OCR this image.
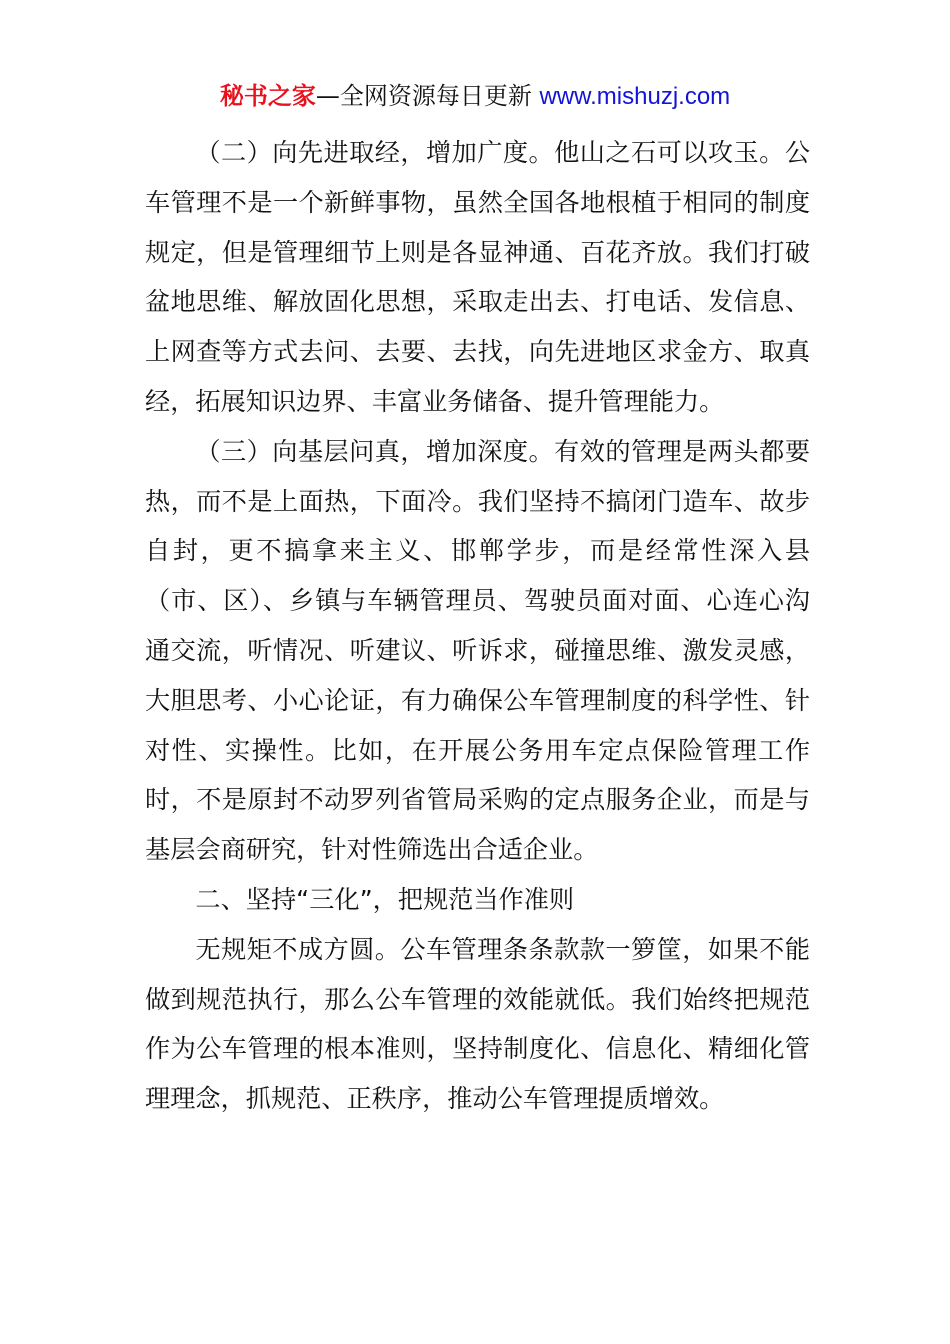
秘书之家—全网资源每日更新 www.mishuzj.com

（二）向先进取经，增加广度。他山之石可以攻玉。公车管理不是一个新鲜事物，虽然全国各地根植于相同的制度规定，但是管理细节上则是各显神通、百花齐放。我们打破盆地思维、解放固化思想，采取走出去、打电话、发信息、上网查等方式去问、去要、去找，向先进地区求金方、取真经，拓展知识边界、丰富业务储备、提升管理能力。

（三）向基层问真，增加深度。有效的管理是两头都要热，而不是上面热，下面冷。我们坚持不搞闭门造车、故步自封，更不搞拿来主义、邯郸学步，而是经常性深入县（市、区）、乡镇与车辆管理员、驾驶员面对面、心连心沟通交流，听情况、听建议、听诉求，碰撞思维、激发灵感，大胆思考、小心论证，有力确保公车管理制度的科学性、针对性、实操性。比如，在开展公务用车定点保险管理工作时，不是原封不动罗列省管局采购的定点服务企业，而是与基层会商研究，针对性筛选出合适企业。

二、坚持“三化”，把规范当作准则

无规矩不成方圆。公车管理条条款款一箩筐，如果不能做到规范执行，那么公车管理的效能就低。我们始终把规范作为公车管理的根本准则，坚持制度化、信息化、精细化管理理念，抓规范、正秩序，推动公车管理提质增效。
